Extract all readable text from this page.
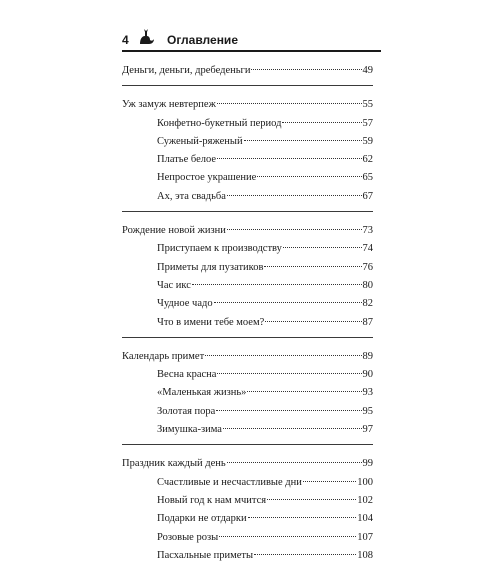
4	Оглавление
Деньги, деньги, дребеденьги	49
Уж замуж невтерпеж	55
Конфетно-букетный период	57
Суженый-ряженый	59
Платье белое	62
Непростое украшение	65
Ах, эта свадьба	67
Рождение новой жизни	73
Приступаем к производству	74
Приметы для пузатиков	76
Час икс	80
Чудное чадо	82
Что в имени тебе моем?	87
Календарь примет	89
Весна красна	90
«Маленькая жизнь»	93
Золотая пора	95
Зимушка-зима	97
Праздник каждый день	99
Счастливые и несчастливые дни	100
Новый год к нам мчится	102
Подарки не отдарки	104
Розовые розы	107
Пасхальные приметы	108
